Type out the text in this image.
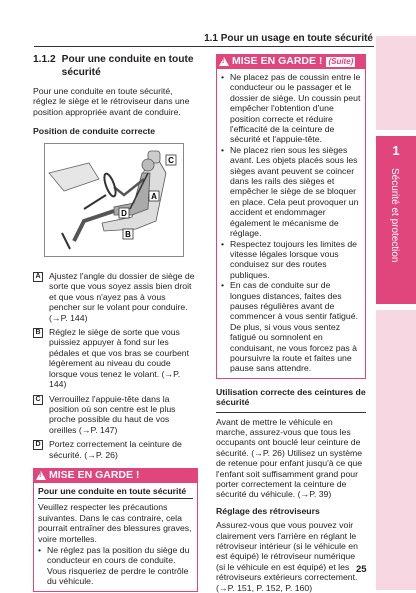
1.1 Pour un usage en toute sécurité
1
Sécurité et protection
1.1.2 Pour une conduite en toute sécurité

Pour une conduite en toute sécurité, réglez le siège et le rétroviseur dans une position appropriée avant de conduire.

Position de conduite correcte

C
A
D
B
A Ajustez l'angle du dossier de siège de sorte que vous soyez assis bien droit et que vous n'ayez pas à vous pencher sur le volant pour conduire. (→P. 144)
B Réglez le siège de sorte que vous puissiez appuyer à fond sur les pédales et que vos bras se courbent légèrement au niveau du coude lorsque vous tenez le volant. (→P. 144)
C Verrouillez l'appuie-tête dans la position où son centre est le plus proche possible du haut de vos oreilles (→P. 147)
D Portez correctement la ceinture de sécurité. (→P. 26)
!
MISE EN GARDE !

Pour une conduite en toute sécurité

Veuillez respecter les précautions suivantes. Dans le cas contraire, cela pourrait entraîner des blessures graves, voire mortelles.

• Ne réglez pas la position du siège du conducteur en cours de conduite. Vous risqueriez de perdre le contrôle du véhicule.
!
MISE EN GARDE ! (Suite)
• Ne placez pas de coussin entre le conducteur ou le passager et le dossier de siège. Un coussin peut empêcher l'obtention d'une position correcte et réduire l'efficacité de la ceinture de sécurité et l'appuie-tête.
• Ne placez rien sous les sièges avant. Les objets placés sous les sièges avant peuvent se coincer dans les rails des sièges et empêcher le siège de se bloquer en place. Cela peut provoquer un accident et endommager également le mécanisme de réglage.
• Respectez toujours les limites de vitesse légales lorsque vous conduisez sur des routes publiques.
• En cas de conduite sur de longues distances, faites des pauses régulières avant de commencer à vous sentir fatigué. De plus, si vous vous sentez fatigué ou somnolent en conduisant, ne vous forcez pas à poursuivre la route et faites une pause sans attendre.
Utilisation correcte des ceintures de sécurité

Avant de mettre le véhicule en marche, assurez-vous que tous les occupants ont bouclé leur ceinture de sécurité. (→P. 26) Utilisez un système de retenue pour enfant jusqu'à ce que l'enfant soit suffisamment grand pour porter correctement la ceinture de sécurité du véhicule. (→P. 39)

Réglage des rétroviseurs

Assurez-vous que vous pouvez voir clairement vers l'arrière en réglant le rétroviseur intérieur (si le véhicule en est équipé) le rétroviseur numérique (si le véhicule en est équipé) et les rétroviseurs extérieurs correctement. (→P. 151, P. 152, P. 160)

25
